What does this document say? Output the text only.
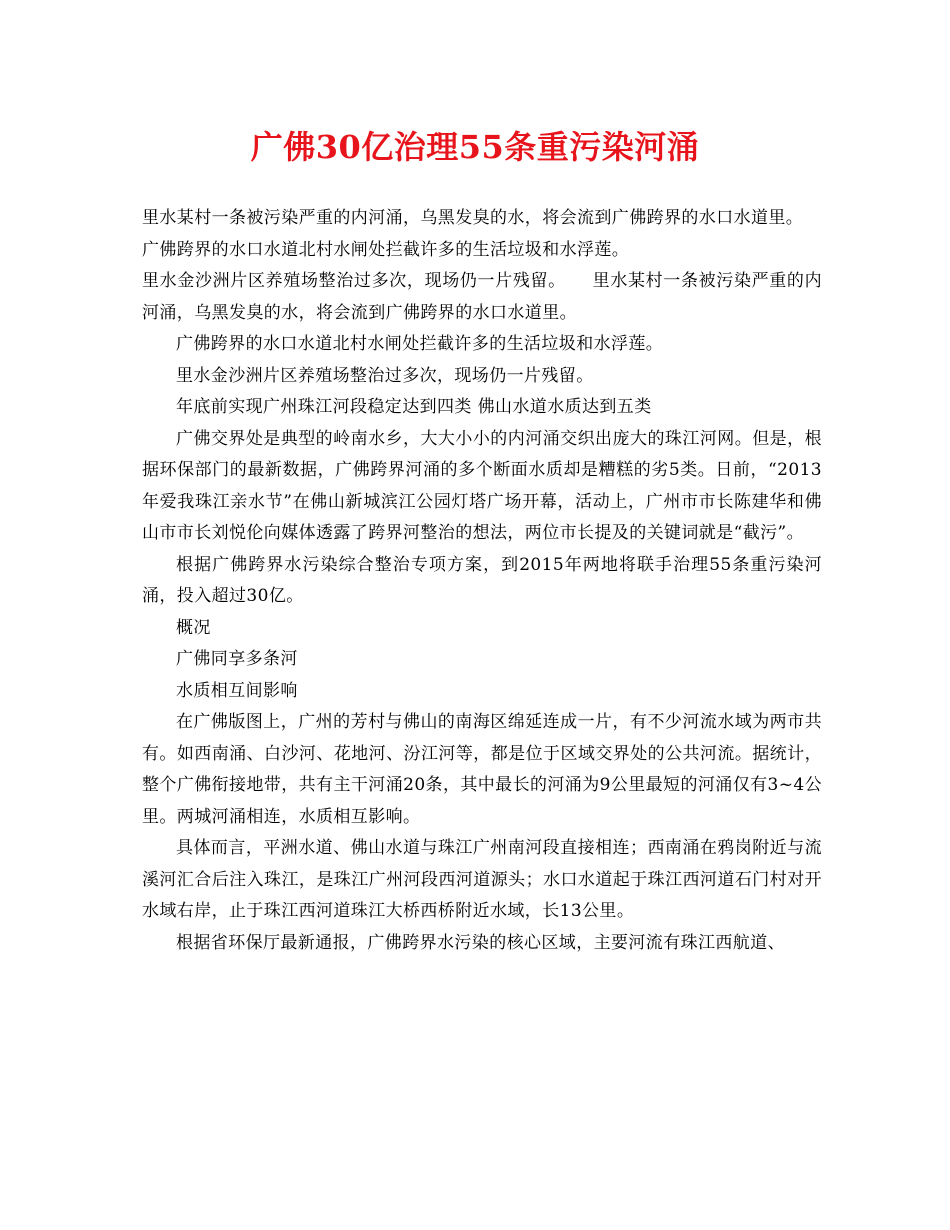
广佛30亿治理55条重污染河涌

里水某村一条被污染严重的内河涌，乌黑发臭的水，将会流到广佛跨界的水口水道里。

广佛跨界的水口水道北村水闸处拦截许多的生活垃圾和水浮莲。

里水金沙洲片区养殖场整治过多次，现场仍一片残留。　　里水某村一条被污染严重的内河涌，乌黑发臭的水，将会流到广佛跨界的水口水道里。

广佛跨界的水口水道北村水闸处拦截许多的生活垃圾和水浮莲。

里水金沙洲片区养殖场整治过多次，现场仍一片残留。

年底前实现广州珠江河段稳定达到四类 佛山水道水质达到五类

广佛交界处是典型的岭南水乡，大大小小的内河涌交织出庞大的珠江河网。但是，根据环保部门的最新数据，广佛跨界河涌的多个断面水质却是糟糕的劣5类。日前，“2013年爱我珠江亲水节”在佛山新城滨江公园灯塔广场开幕，活动上，广州市市长陈建华和佛山市市长刘悦伦向媒体透露了跨界河整治的想法，两位市长提及的关键词就是“截污”。

根据广佛跨界水污染综合整治专项方案，到2015年两地将联手治理55条重污染河涌，投入超过30亿。

概况

广佛同享多条河

水质相互间影响

在广佛版图上，广州的芳村与佛山的南海区绵延连成一片，有不少河流水域为两市共有。如西南涌、白沙河、花地河、汾江河等，都是位于区域交界处的公共河流。据统计，整个广佛衔接地带，共有主干河涌20条，其中最长的河涌为9公里最短的河涌仅有3~4公里。两城河涌相连，水质相互影响。

具体而言，平洲水道、佛山水道与珠江广州南河段直接相连；西南涌在鸦岗附近与流溪河汇合后注入珠江，是珠江广州河段西河道源头；水口水道起于珠江西河道石门村对开水域右岸，止于珠江西河道珠江大桥西桥附近水域，长13公里。

根据省环保厅最新通报，广佛跨界水污染的核心区域，主要河流有珠江西航道、
